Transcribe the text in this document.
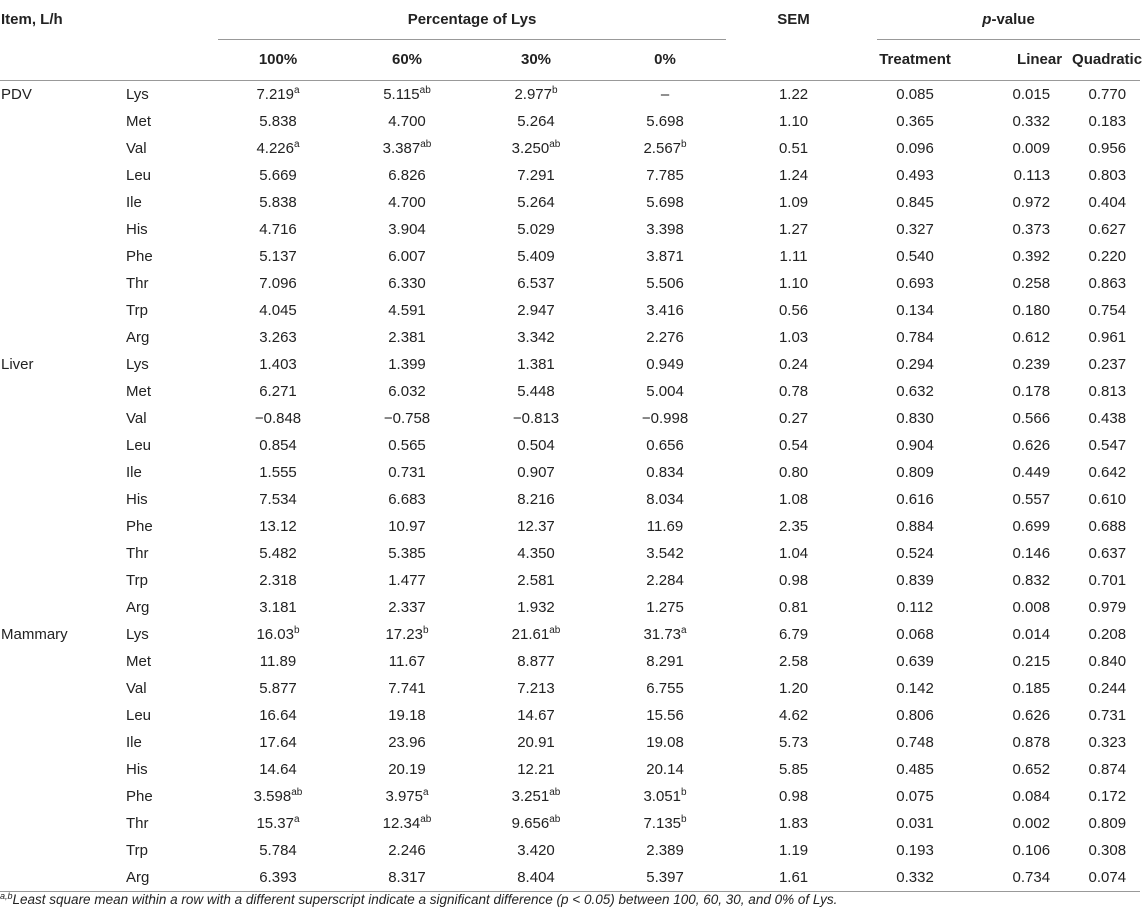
Item, L/h		Percentage of Lys				SEM	p-value		

		100%	60%	30%	0%		Treatment	Linear	Quadratic
PDV	Lys	7.219$^a$	5.115$^{ab}$	2.977$^b$	–	1.22	0.085	0.015	0.770
	Met	5.838	4.700	5.264	5.698	1.10	0.365	0.332	0.183
	Val	4.226$^a$	3.387$^{ab}$	3.250$^{ab}$	2.567$^b$	0.51	0.096	0.009	0.956
	Leu	5.669	6.826	7.291	7.785	1.24	0.493	0.113	0.803
	Ile	5.838	4.700	5.264	5.698	1.09	0.845	0.972	0.404
	His	4.716	3.904	5.029	3.398	1.27	0.327	0.373	0.627
	Phe	5.137	6.007	5.409	3.871	1.11	0.540	0.392	0.220
	Thr	7.096	6.330	6.537	5.506	1.10	0.693	0.258	0.863
	Trp	4.045	4.591	2.947	3.416	0.56	0.134	0.180	0.754
	Arg	3.263	2.381	3.342	2.276	1.03	0.784	0.612	0.961
Liver	Lys	1.403	1.399	1.381	0.949	0.24	0.294	0.239	0.237
	Met	6.271	6.032	5.448	5.004	0.78	0.632	0.178	0.813
	Val	−0.848	−0.758	−0.813	−0.998	0.27	0.830	0.566	0.438
	Leu	0.854	0.565	0.504	0.656	0.54	0.904	0.626	0.547
	Ile	1.555	0.731	0.907	0.834	0.80	0.809	0.449	0.642
	His	7.534	6.683	8.216	8.034	1.08	0.616	0.557	0.610
	Phe	13.12	10.97	12.37	11.69	2.35	0.884	0.699	0.688
	Thr	5.482	5.385	4.350	3.542	1.04	0.524	0.146	0.637
	Trp	2.318	1.477	2.581	2.284	0.98	0.839	0.832	0.701
	Arg	3.181	2.337	1.932	1.275	0.81	0.112	0.008	0.979
Mammary	Lys	16.03$^b$	17.23$^b$	21.61$^{ab}$	31.73$^a$	6.79	0.068	0.014	0.208
	Met	11.89	11.67	8.877	8.291	2.58	0.639	0.215	0.840
	Val	5.877	7.741	7.213	6.755	1.20	0.142	0.185	0.244
	Leu	16.64	19.18	14.67	15.56	4.62	0.806	0.626	0.731
	Ile	17.64	23.96	20.91	19.08	5.73	0.748	0.878	0.323
	His	14.64	20.19	12.21	20.14	5.85	0.485	0.652	0.874
	Phe	3.598$^{ab}$	3.975$^a$	3.251$^{ab}$	3.051$^b$	0.98	0.075	0.084	0.172
	Thr	15.37$^a$	12.34$^{ab}$	9.656$^{ab}$	7.135$^b$	1.83	0.031	0.002	0.809
	Trp	5.784	2.246	3.420	2.389	1.19	0.193	0.106	0.308
	Arg	6.393	8.317	8.404	5.397	1.61	0.332	0.734	0.074
$^{a,b}$Least square mean within a row with a different superscript indicate a significant difference (p < 0.05) between 100, 60, 30, and 0% of Lys.
